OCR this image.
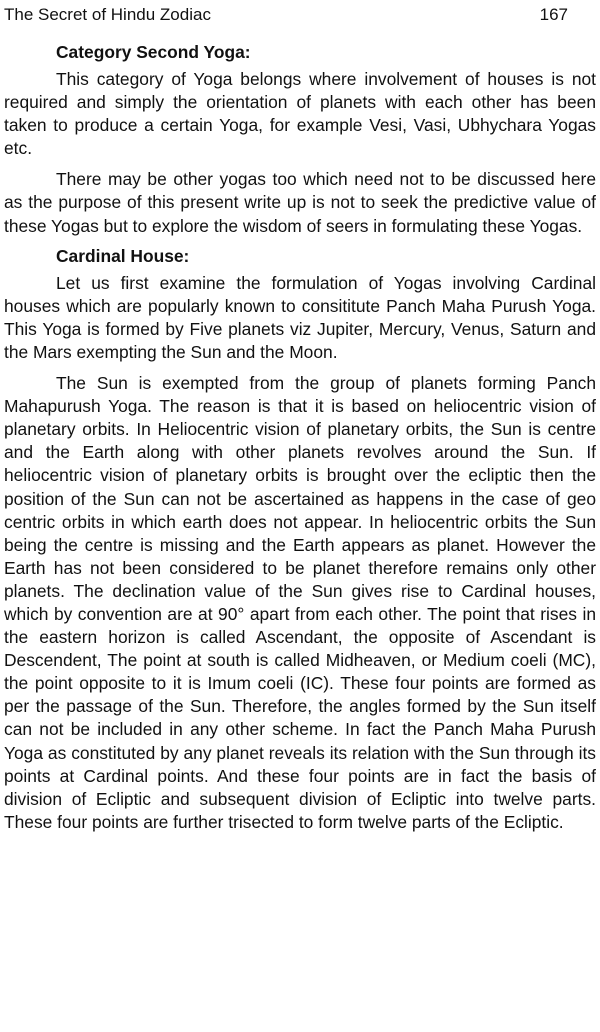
The Secret of Hindu Zodiac	167
Category Second Yoga:

This category of Yoga belongs where involvement of houses is not required and simply the orientation of planets with each other has been taken to produce a certain Yoga, for example Vesi, Vasi, Ubhychara Yogas etc.

There may be other yogas too which need not to be discussed here as the purpose of this present write up is not to seek the predictive value of these Yogas but to explore the wisdom of seers in formulating these Yogas.

Cardinal House:

Let us first examine the formulation of Yogas involving Cardinal houses which are popularly known to consititute Panch Maha Purush Yoga. This Yoga is formed by Five planets viz Jupiter, Mercury, Venus, Saturn and the Mars exempting the Sun and the Moon.

The Sun is exempted from the group of planets forming Panch Mahapurush Yoga. The reason is that it is based on heliocentric vision of planetary orbits. In Heliocentric vision of planetary orbits, the Sun is centre and the Earth along with other planets revolves around the Sun. If heliocentric vision of planetary orbits is brought over the ecliptic then the position of the Sun can not be ascertained as happens in the case of geo centric orbits in which earth does not appear. In heliocentric orbits the Sun being the centre is missing and the Earth appears as planet. However the Earth has not been considered to be planet therefore remains only other planets. The declination value of the Sun gives rise to Cardinal houses, which by convention are at 90° apart from each other. The point that rises in the eastern horizon is called Ascendant, the opposite of Ascendant is Descendent, The point at south is called Midheaven, or Medium coeli (MC), the point opposite to it is Imum coeli (IC). These four points are formed as per the passage of the Sun. Therefore, the angles formed by the Sun itself can not be included in any other scheme. In fact the Panch Maha Purush Yoga as constituted by any planet reveals its relation with the Sun through its points at Cardinal points. And these four points are in fact the basis of division of Ecliptic and subsequent division of Ecliptic into twelve parts. These four points are further trisected to form twelve parts of the Ecliptic.
